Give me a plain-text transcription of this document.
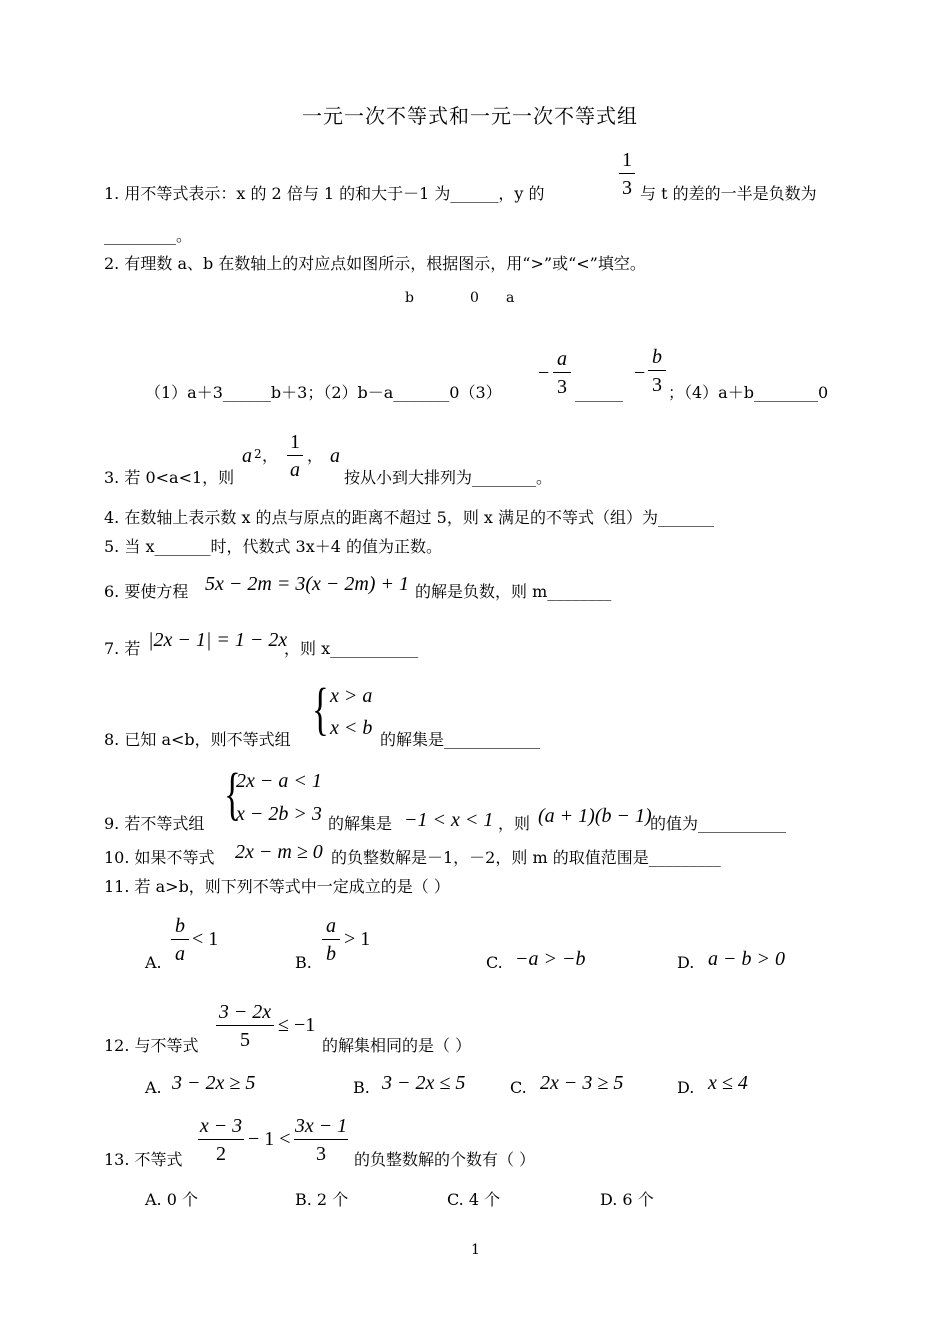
一元一次不等式和一元一次不等式组
1. 用不等式表示：x 的 2 倍与 1 的和大于－1 为______，y 的
1
3 与 t 的差的一半是负数为
_________。
2. 有理数 a、b 在数轴上的对应点如图所示，根据图示，用“>”或“<”填空。
b	0 a
（1）a＋3______b＋3；（2）b－a_______0（3）
−
a
3 ______
−
b
3 ；（4）a＋b________0
3. 若 0<a<1，则
a 2 ，
1
a
， a
按从小到大排列为________。
4. 在数轴上表示数 x 的点与原点的距离不超过 5，则 x 满足的不等式（组）为_______
5. 当 x_______时，代数式 3x＋4 的值为正数。
6. 要使方程 5x − 2m = 3(x − 2m) + 1 的解是负数，则 m________
7. 若 |2x − 1| = 1 − 2x
，则 x___________
8. 已知 a<b，则不等式组 { x > a
x < b
的解集是____________
9. 若不等式组 {
2x − a < 1
x − 2b > 3 的解集是 −1 < x < 1 ，则 (a + 1)(b − 1)
的值为___________
10. 如果不等式 2x − m ≥ 0 的负整数解是－1，－2，则 m 的取值范围是_________
11. 若 a>b，则下列不等式中一定成立的是（ ）
A.
b
a
< 1
B.
a
b
> 1
C. −a > −b	D. a − b > 0
12. 与不等式
3 − 2x
5
≤ −1
的解集相同的是（ ）
A. 3 − 2x ≥ 5	B. 3 − 2x ≤ 5	C. 2x − 3 ≥ 5	D. x ≤ 4
13. 不等式
x − 3
2
− 1 <
3x − 1
3	的负整数解的个数有（ ）
A. 0 个	B. 2 个	C. 4 个	D. 6 个
1
